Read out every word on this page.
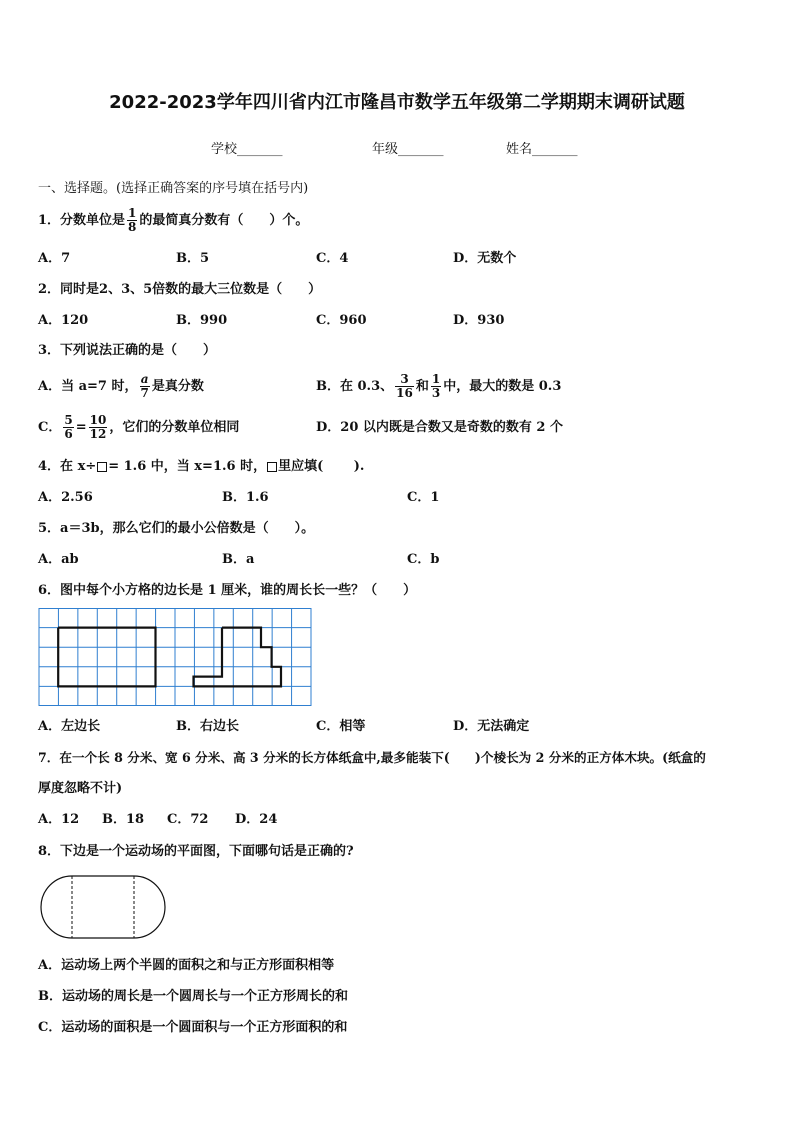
2022-2023学年四川省内江市隆昌市数学五年级第二学期期末调研试题
学校_______	年级_______	姓名_______
一、选择题。(选择正确答案的序号填在括号内)
1．分数单位是 $\frac{1}{8}$ 的最简真分数有（　　）个。
A．7	B．5	C．4	D．无数个
2．同时是2、3、5倍数的最大三位数是（　　）
A．120	B．990	C．960	D．930
3．下列说法正确的是（　　）
A．当 a=7 时， $\frac{a}{7}$ 是真分数	B．在 0.3、 $\frac{3}{16}$ 和 $\frac{1}{3}$ 中，最大的数是 0.3
C． $\frac{5}{6} = \frac{10}{12}$ ，它们的分数单位相同	D．20 以内既是合数又是奇数的数有 2 个
4．在 x÷ = 1.6 中，当 x=1.6 时， 里应填(　　 ).
A．2.56	B．1.6	C．1
5．a＝3b，那么它们的最小公倍数是（　　）。
A．ab	B．a	C．b
6．图中每个小方格的边长是 1 厘米，谁的周长长一些？（　　）
A．左边长	B．右边长	C．相等	D．无法确定
7．在一个长 8 分米、宽 6 分米、高 3 分米的长方体纸盒中,最多能装下(　　)个棱长为 2 分米的正方体木块。(纸盒的
厚度忽略不计)
A．12 B．18 C．72 D．24
8．下边是一个运动场的平面图，下面哪句话是正确的?
A．运动场上两个半圆的面积之和与正方形面积相等
B．运动场的周长是一个圆周长与一个正方形周长的和
C．运动场的面积是一个圆面积与一个正方形面积的和
